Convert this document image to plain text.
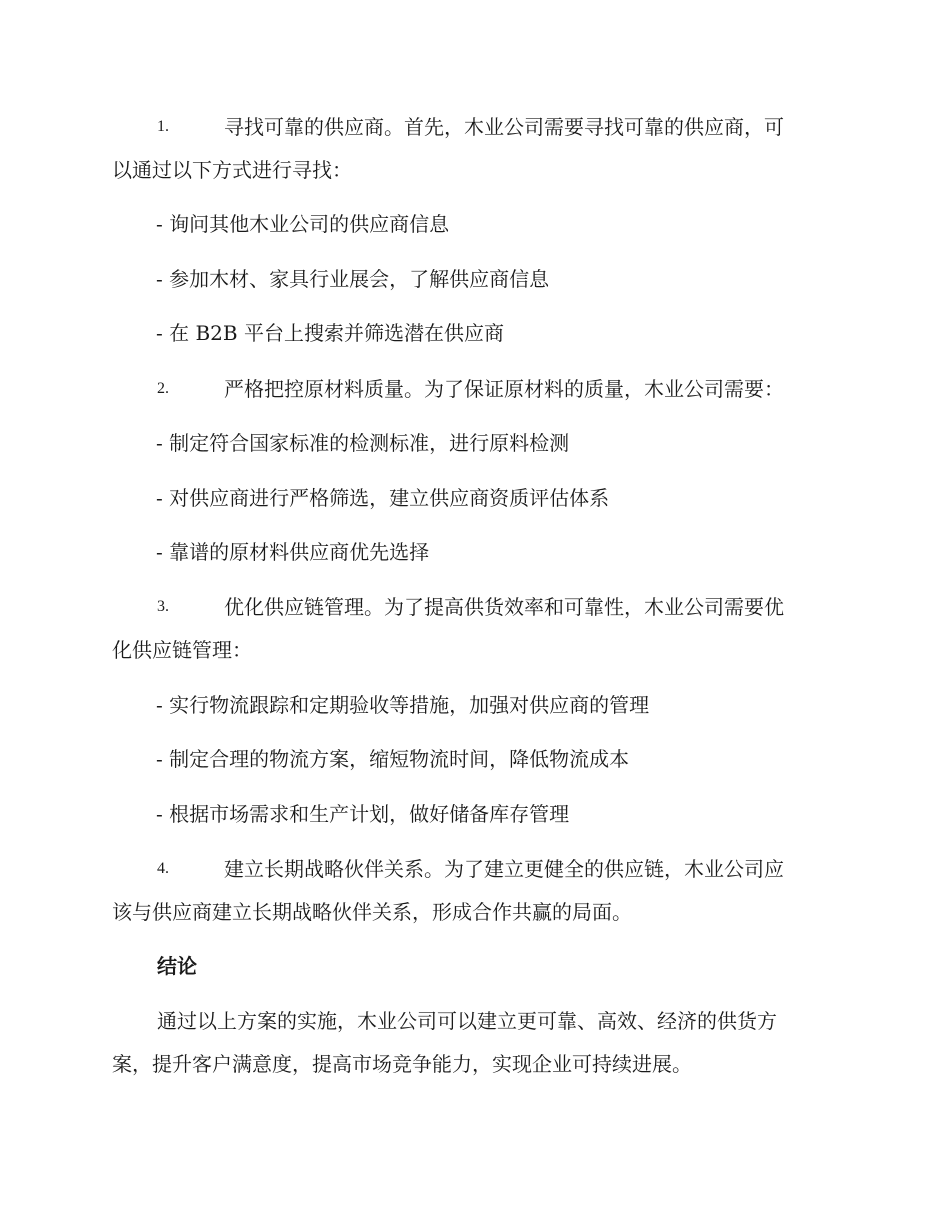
1.	寻找可靠的供应商。首先，木业公司需要寻找可靠的供应商，可
以通过以下方式进行寻找：
- 询问其他木业公司的供应商信息
- 参加木材、家具行业展会，了解供应商信息
- 在 B2B 平台上搜索并筛选潜在供应商
2.	严格把控原材料质量。为了保证原材料的质量，木业公司需要：
- 制定符合国家标准的检测标准，进行原料检测
- 对供应商进行严格筛选，建立供应商资质评估体系
- 靠谱的原材料供应商优先选择
3.	优化供应链管理。为了提高供货效率和可靠性，木业公司需要优
化供应链管理：
- 实行物流跟踪和定期验收等措施，加强对供应商的管理
- 制定合理的物流方案，缩短物流时间，降低物流成本
- 根据市场需求和生产计划，做好储备库存管理
4.	建立长期战略伙伴关系。为了建立更健全的供应链，木业公司应
该与供应商建立长期战略伙伴关系，形成合作共赢的局面。
结论
通过以上方案的实施，木业公司可以建立更可靠、高效、经济的供货方
案，提升客户满意度，提高市场竞争能力，实现企业可持续进展。
